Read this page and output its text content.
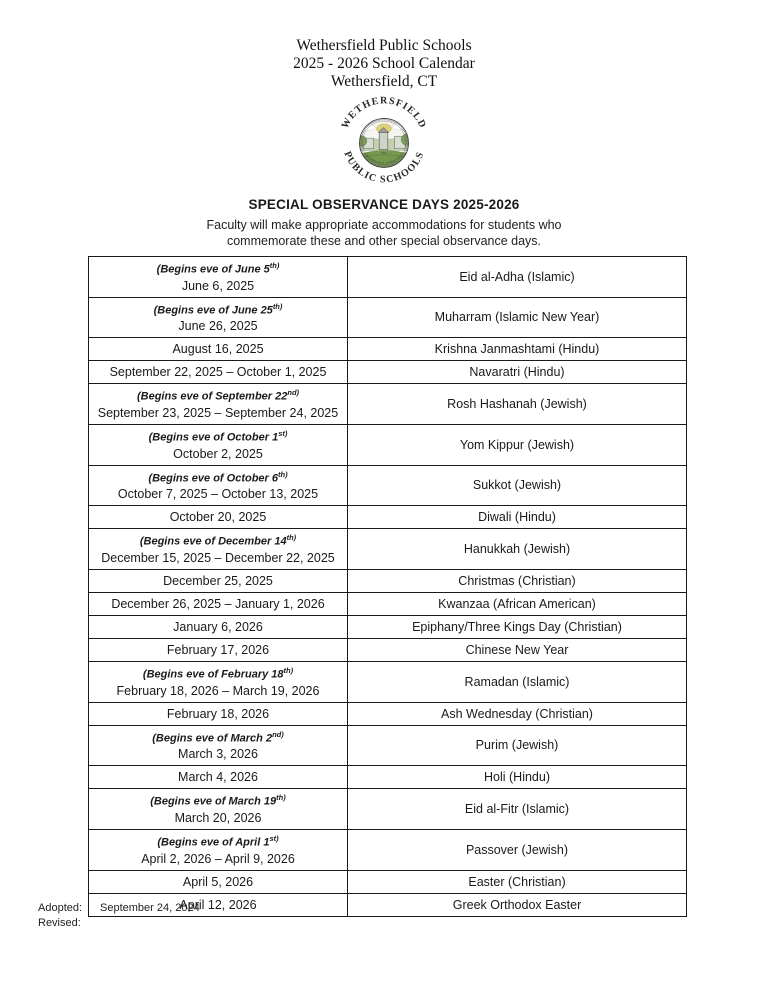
Wethersfield Public Schools
2025 - 2026 School Calendar
Wethersfield, CT
SEAL
WETHERSFIELD CONNECTICUT
WETHERSFIELD
PUBLIC SCHOOLS
SPECIAL OBSERVANCE DAYS 2025-2026
Faculty will make appropriate accommodations for students who
commemorate these and other special observance days.
(Begins eve of June $5^{th)}$
June 6, 2025	Eid al-Adha (Islamic)

(Begins eve of June $25^{th)}$
June 26, 2025	Muharram (Islamic New Year)

August 16, 2025	Krishna Janmashtami (Hindu)

September 22, 2025 – October 1, 2025	Navaratri (Hindu)

(Begins eve of September $22^{nd)}$
September 23, 2025 – September 24, 2025	Rosh Hashanah (Jewish)

(Begins eve of October $1^{st)}$
October 2, 2025	Yom Kippur (Jewish)

(Begins eve of October $6^{th)}$
October 7, 2025 – October 13, 2025	Sukkot (Jewish)

October 20, 2025	Diwali (Hindu)

(Begins eve of December $14^{th)}$
December 15, 2025 – December 22, 2025	Hanukkah (Jewish)

December 25, 2025	Christmas (Christian)

December 26, 2025 – January 1, 2026	Kwanzaa (African American)

January 6, 2026	Epiphany/Three Kings Day (Christian)

February 17, 2026	Chinese New Year

(Begins eve of February $18^{th)}$
February 18, 2026 – March 19, 2026	Ramadan (Islamic)

February 18, 2026	Ash Wednesday (Christian)

(Begins eve of March $2^{nd)}$
March 3, 2026	Purim (Jewish)

March 4, 2026	Holi (Hindu)

(Begins eve of March $19^{th)}$
March 20, 2026	Eid al-Fitr (Islamic)

(Begins eve of April $1^{st)}$
April 2, 2026 – April 9, 2026	Passover (Jewish)

April 5, 2026	Easter (Christian)

April 12, 2026	Greek Orthodox Easter
Adopted:	September 24, 2024
Revised:
